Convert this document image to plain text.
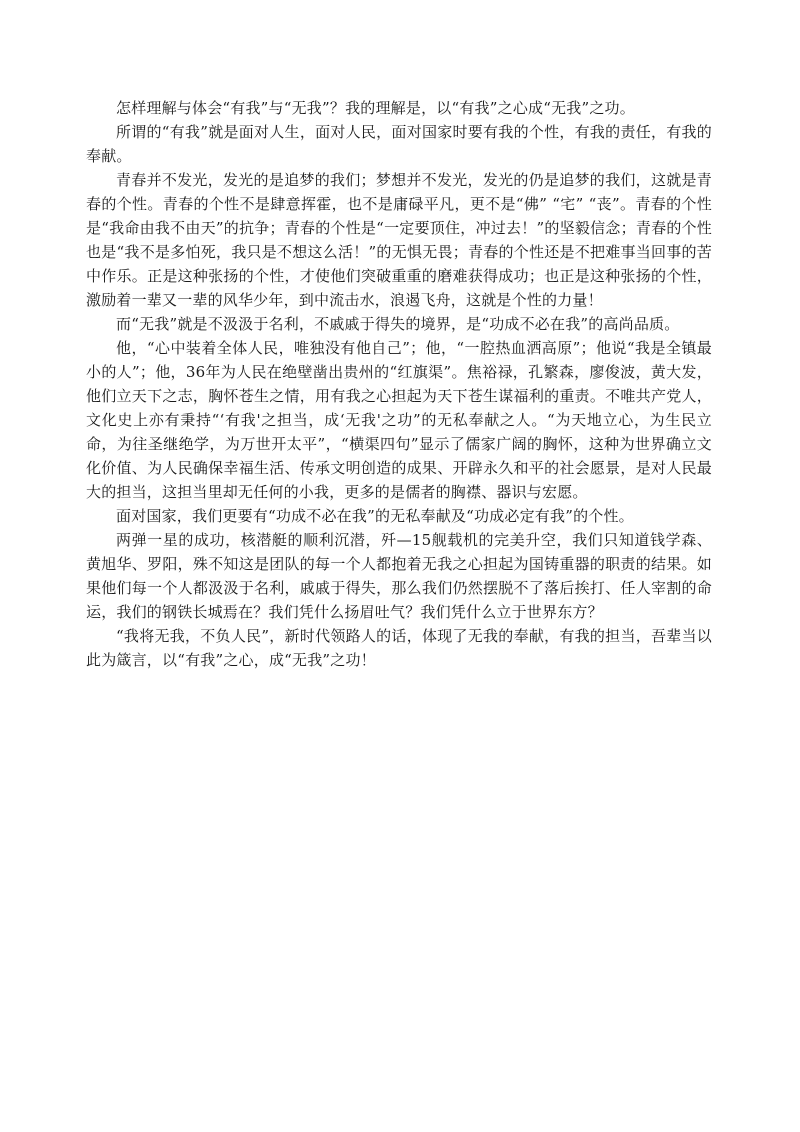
怎样理解与体会“有我”与“无我”？我的理解是，以“有我”之心成“无我”之功。

所谓的“有我”就是面对人生，面对人民，面对国家时要有我的个性，有我的责任，有我的奉献。

青春并不发光，发光的是追梦的我们；梦想并不发光，发光的仍是追梦的我们，这就是青春的个性。青春的个性不是肆意挥霍，也不是庸碌平凡，更不是“佛” “宅” “丧”。青春的个性是“我命由我不由天”的抗争；青春的个性是“一定要顶住，冲过去！”的坚毅信念；青春的个性也是“我不是多怕死，我只是不想这么活！”的无惧无畏；青春的个性还是不把难事当回事的苦中作乐。正是这种张扬的个性，才使他们突破重重的磨难获得成功；也正是这种张扬的个性，激励着一辈又一辈的风华少年，到中流击水，浪遏飞舟，这就是个性的力量！

而“无我”就是不汲汲于名利，不戚戚于得失的境界，是“功成不必在我”的高尚品质。

他，“心中装着全体人民，唯独没有他自己”；他，“一腔热血洒高原”；他说“我是全镇最小的人”；他，36年为人民在绝壁凿出贵州的“红旗渠”。焦裕禄，孔繁森，廖俊波，黄大发，他们立天下之志，胸怀苍生之情，用有我之心担起为天下苍生谋福利的重责。不唯共产党人，文化史上亦有秉持“‘有我'之担当，成‘无我'之功”的无私奉献之人。“为天地立心，为生民立命，为往圣继绝学，为万世开太平”，“横渠四句”显示了儒家广阔的胸怀，这种为世界确立文化价值、为人民确保幸福生活、传承文明创造的成果、开辟永久和平的社会愿景，是对人民最大的担当，这担当里却无任何的小我，更多的是儒者的胸襟、器识与宏愿。

面对国家，我们更要有“功成不必在我”的无私奉献及“功成必定有我”的个性。

两弹一星的成功，核潜艇的顺利沉潜，歼—15舰载机的完美升空，我们只知道钱学森、黄旭华、罗阳，殊不知这是团队的每一个人都抱着无我之心担起为国铸重器的职责的结果。如果他们每一个人都汲汲于名利，戚戚于得失，那么我们仍然摆脱不了落后挨打、任人宰割的命运，我们的钢铁长城焉在？我们凭什么扬眉吐气？我们凭什么立于世界东方？

“我将无我，不负人民”，新时代领路人的话，体现了无我的奉献，有我的担当，吾辈当以此为箴言，以“有我”之心，成“无我”之功！
